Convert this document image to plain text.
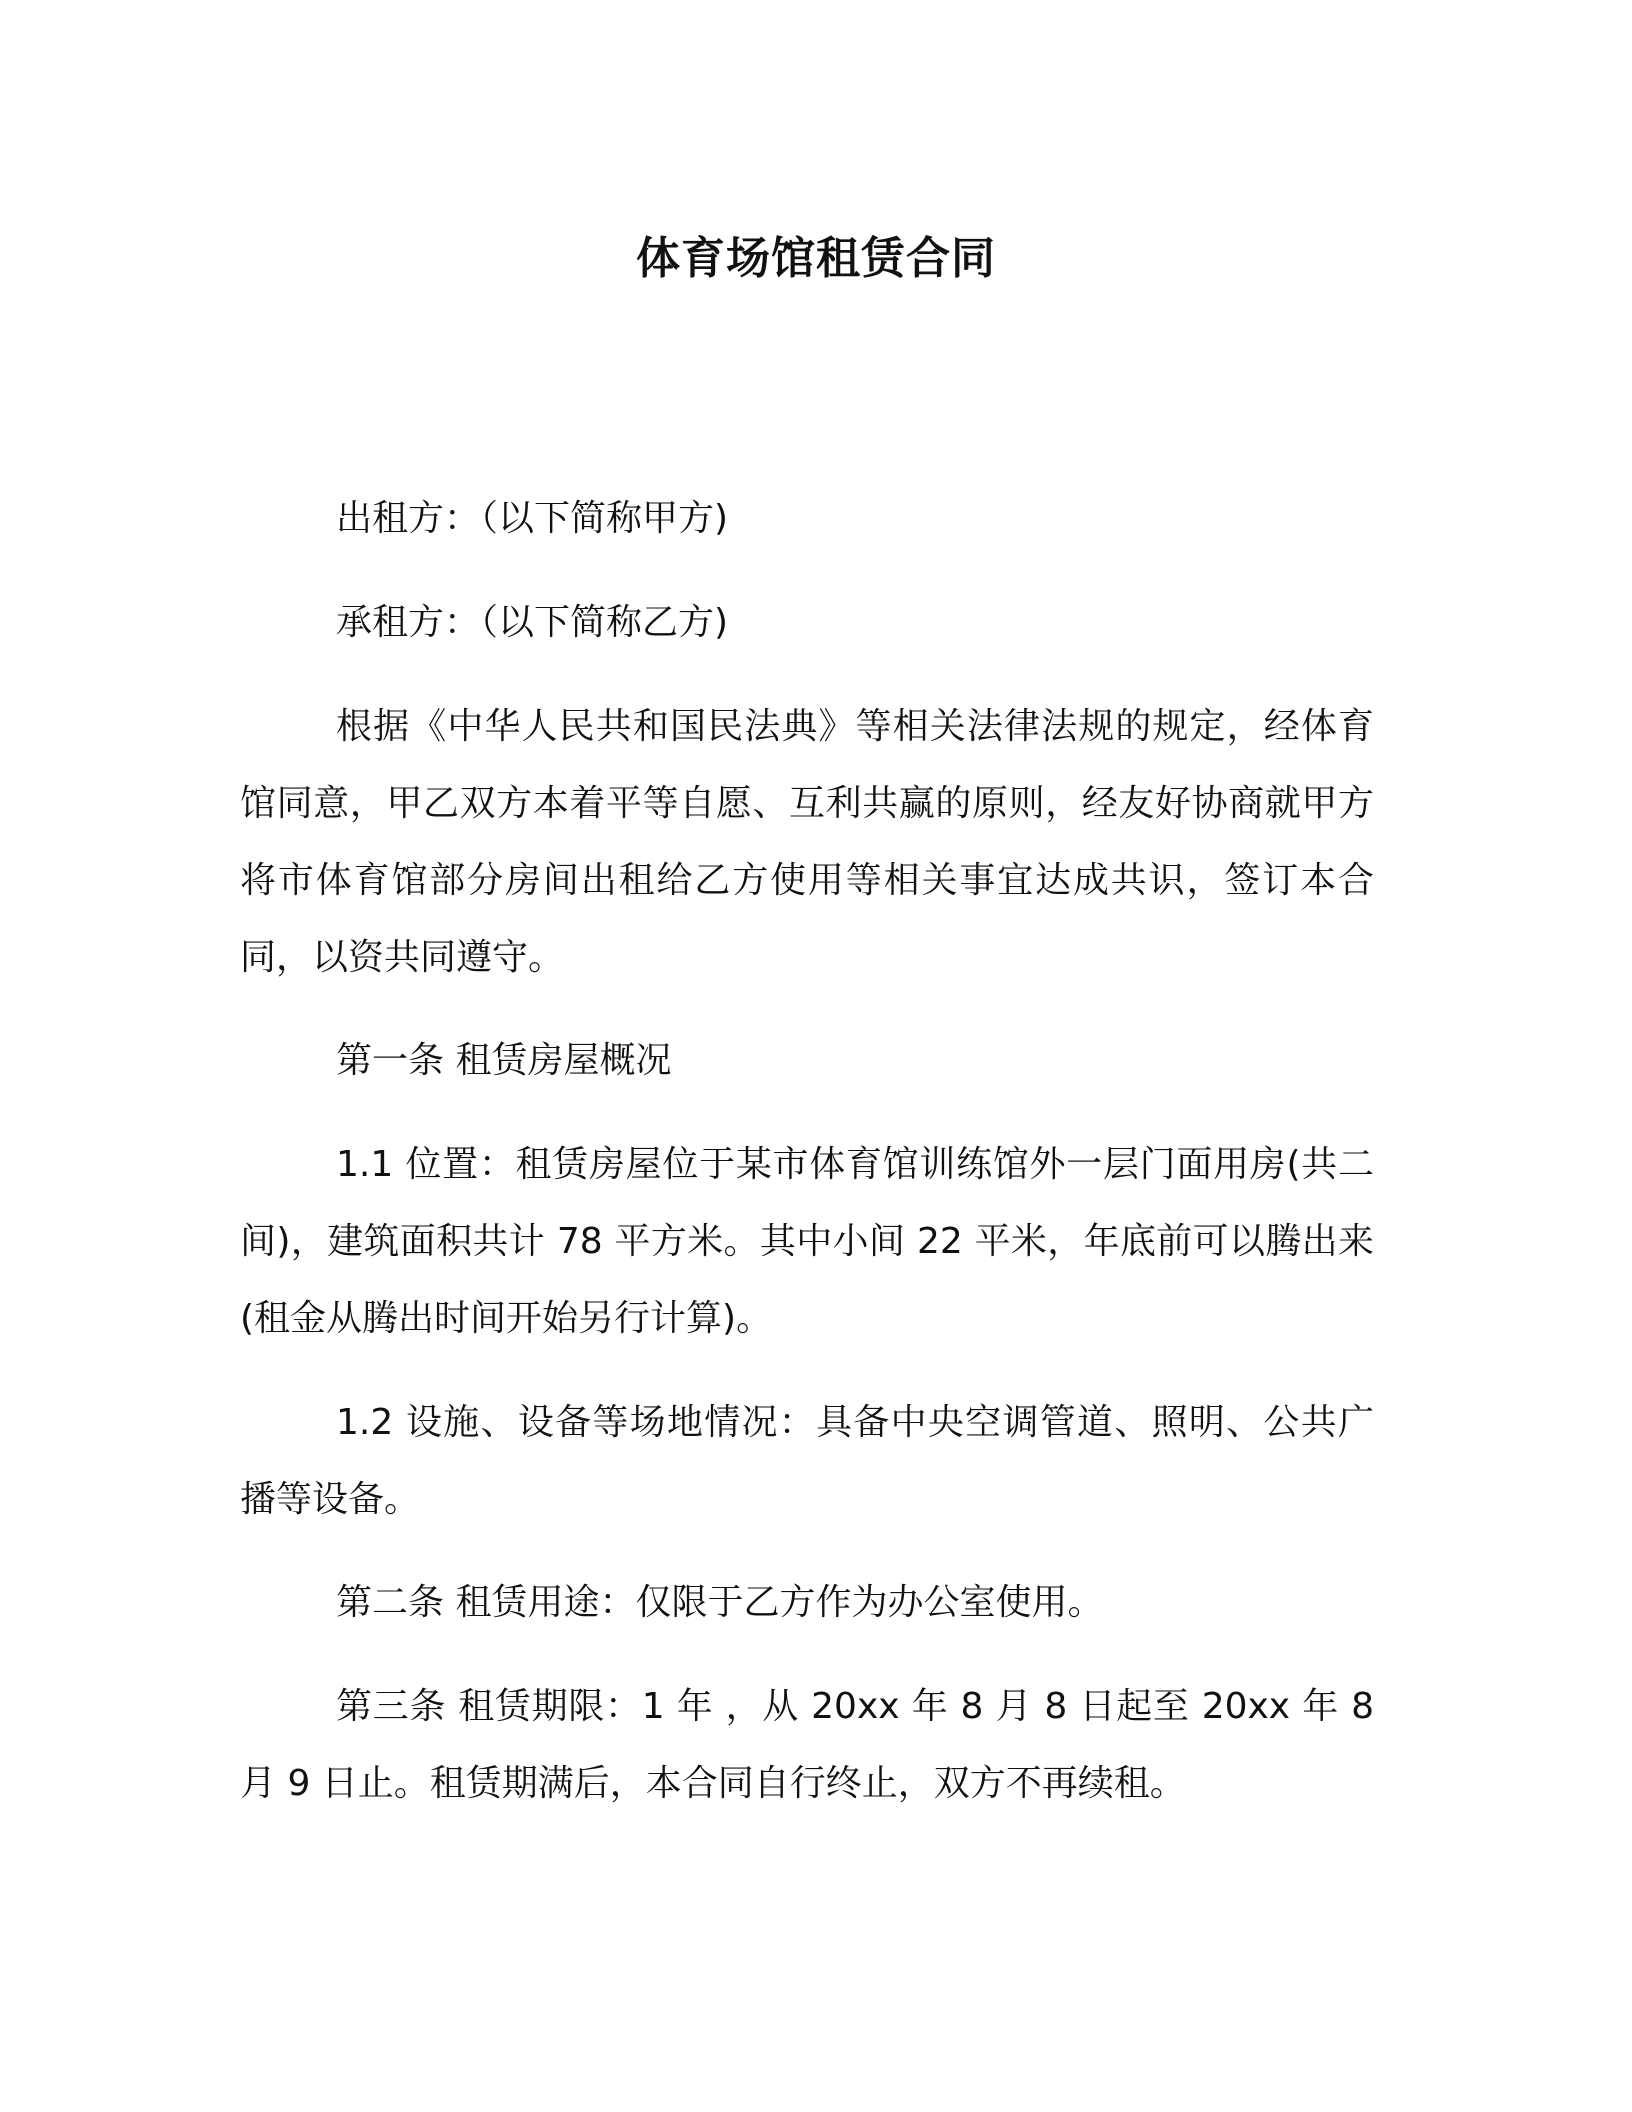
体育场馆租赁合同

出租方：（以下简称甲方)

承租方：（以下简称乙方)

根据《中华人民共和国民法典》等相关法律法规的规定，经体育馆同意，甲乙双方本着平等自愿、互利共赢的原则，经友好协商就甲方将市体育馆部分房间出租给乙方使用等相关事宜达成共识，签订本合同，以资共同遵守。

第一条 租赁房屋概况

1.1 位置：租赁房屋位于某市体育馆训练馆外一层门面用房(共二间)，建筑面积共计 78 平方米。其中小间 22 平米，年底前可以腾出来(租金从腾出时间开始另行计算)。

1.2 设施、设备等场地情况：具备中央空调管道、照明、公共广播等设备。

第二条 租赁用途：仅限于乙方作为办公室使用。

第三条 租赁期限：1 年 ，从 20xx 年 8 月 8 日起至 20xx 年 8 月 9 日止。租赁期满后，本合同自行终止，双方不再续租。
